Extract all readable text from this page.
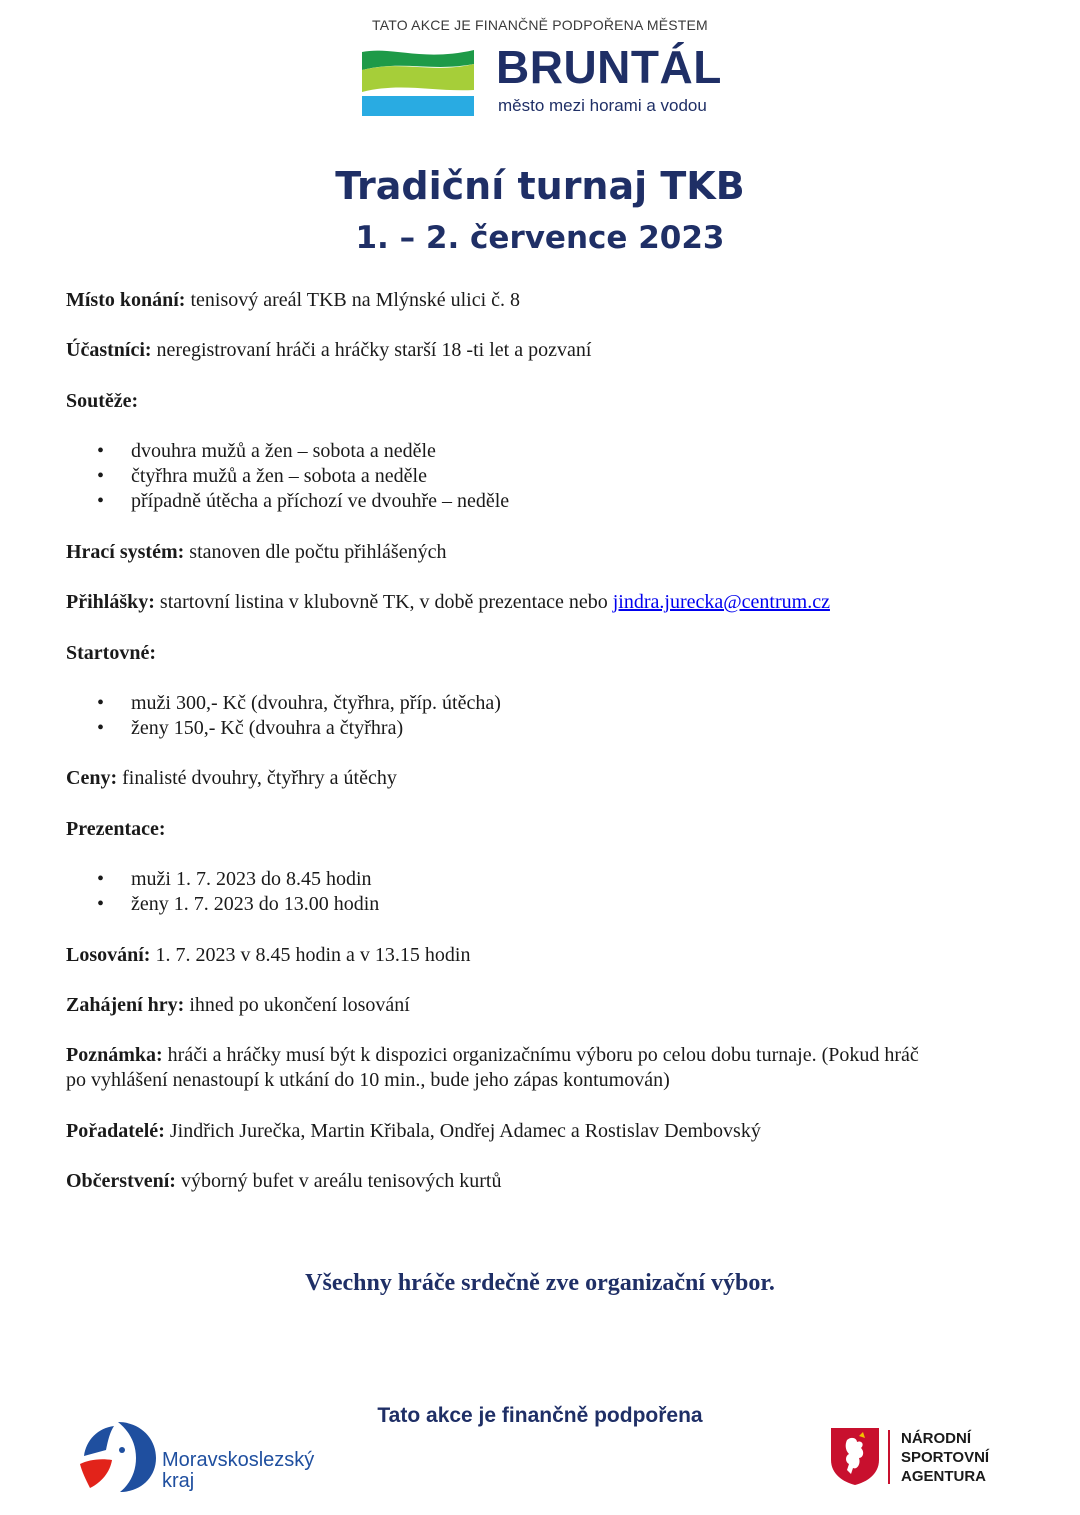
TATO AKCE JE FINANČNĚ PODPOŘENA MĚSTEM
BRUNTÁL
město mezi horami a vodou
Tradiční turnaj TKB
1. – 2. července 2023
Místo konání: tenisový areál TKB na Mlýnské ulici č. 8
Účastníci: neregistrovaní hráči a hráčky starší 18 -ti let a pozvaní
Soutěže:
• dvouhra mužů a žen – sobota a neděle
• čtyřhra mužů a žen – sobota a neděle
• případně útěcha a příchozí ve dvouhře – neděle
Hrací systém: stanoven dle počtu přihlášených
Přihlášky: startovní listina v klubovně TK, v době prezentace nebo jindra.jurecka@centrum.cz
Startovné:
• muži 300,- Kč (dvouhra, čtyřhra, příp. útěcha)
• ženy 150,- Kč (dvouhra a čtyřhra)
Ceny: finalisté dvouhry, čtyřhry a útěchy
Prezentace:
• muži 1. 7. 2023 do 8.45 hodin
• ženy 1. 7. 2023 do 13.00 hodin
Losování: 1. 7. 2023 v 8.45 hodin a v 13.15 hodin
Zahájení hry: ihned po ukončení losování
Poznámka: hráči a hráčky musí být k dispozici organizačnímu výboru po celou dobu turnaje. (Pokud hráč
po vyhlášení nenastoupí k utkání do 10 min., bude jeho zápas kontumován)
Pořadatelé: Jindřich Jurečka, Martin Křibala, Ondřej Adamec a Rostislav Dembovský
Občerstvení: výborný bufet v areálu tenisových kurtů
Všechny hráče srdečně zve organizační výbor.
Tato akce je finančně podpořena
Moravskoslezský
kraj
NÁRODNÍ
SPORTOVNÍ
AGENTURA
